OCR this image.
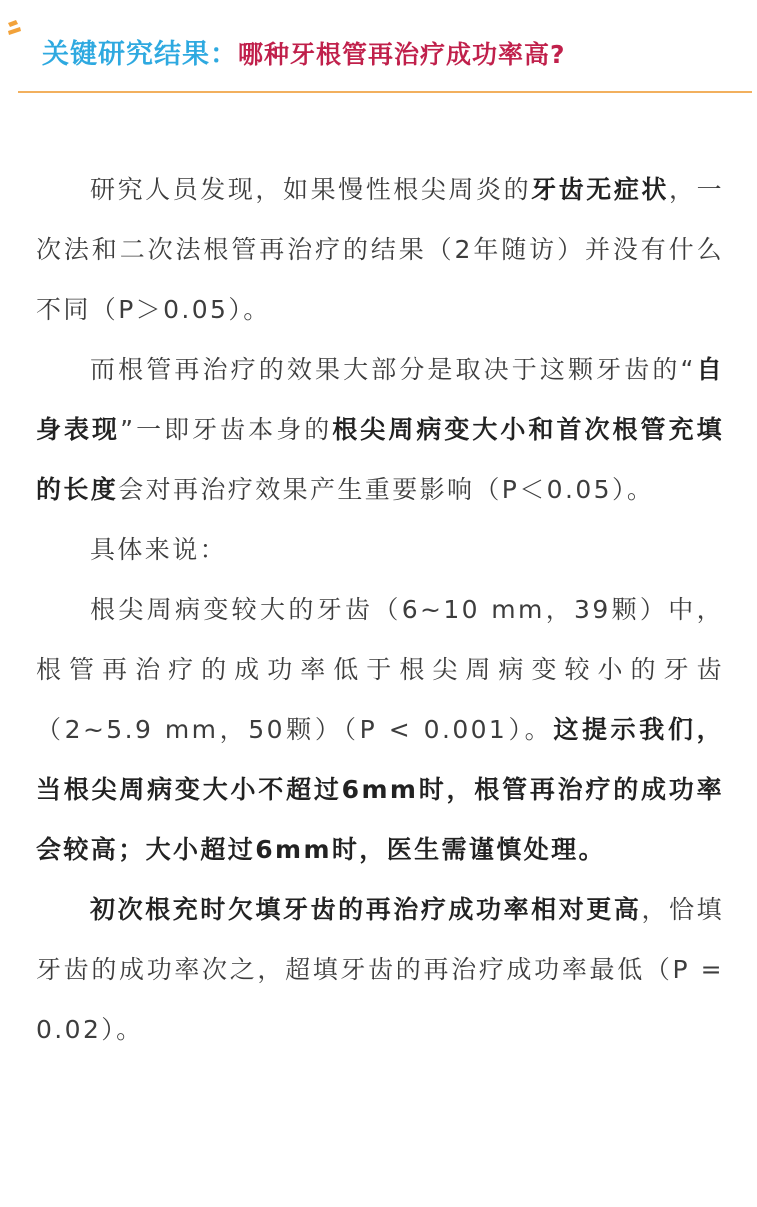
关键研究结果：哪种牙根管再治疗成功率高?

研究人员发现，如果慢性根尖周炎的牙齿无症状，一次法和二次法根管再治疗的结果（2年随访）并没有什么不同（P＞0.05）。

而根管再治疗的效果大部分是取决于这颗牙齿的“自身表现”一即牙齿本身的根尖周病变大小和首次根管充填的长度会对再治疗效果产生重要影响（P＜0.05）。

具体来说：

根尖周病变较大的牙齿（6~10 mm，39颗）中，根管再治疗的成功率低于根尖周病变较小的牙齿（2~5.9 mm，50颗）（P < 0.001）。这提示我们，当根尖周病变大小不超过6mm时，根管再治疗的成功率会较高；大小超过6mm时，医生需谨慎处理。

初次根充时欠填牙齿的再治疗成功率相对更高，恰填牙齿的成功率次之，超填牙齿的再治疗成功率最低（P = 0.02）。
